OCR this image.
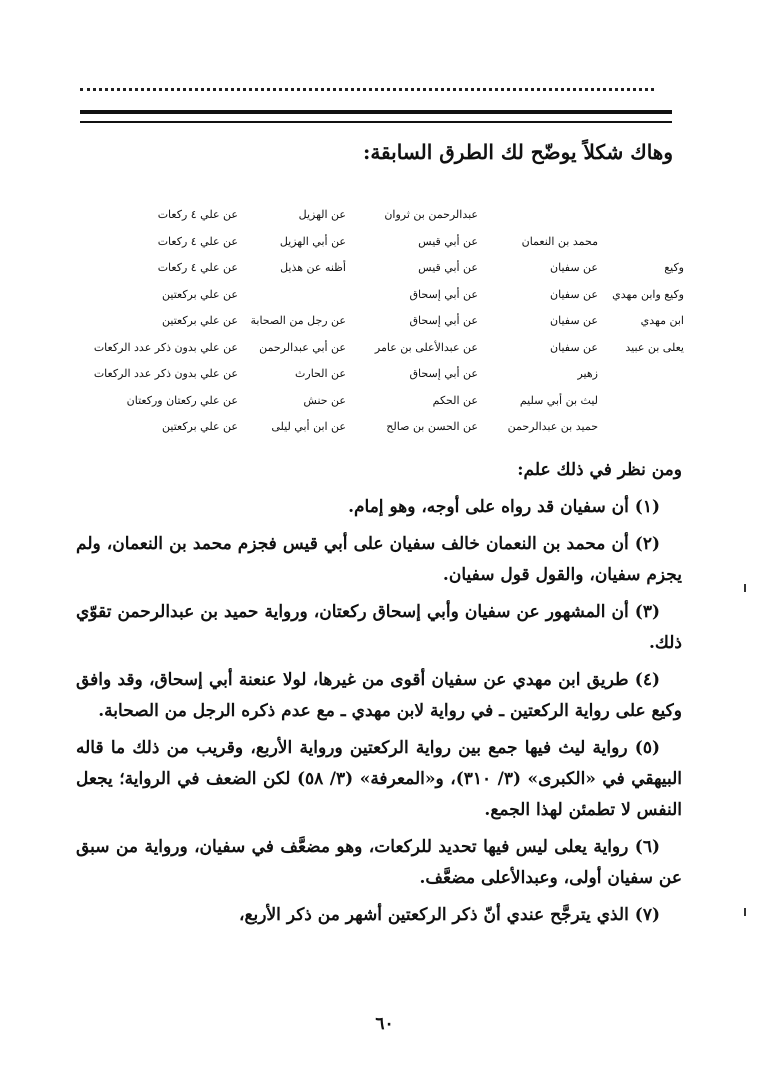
وهاك شكلاً يوضّح لك الطرق السابقة:
وكيع
وكيع وابن مهدي
ابن مهدي
يعلى بن عبيد
محمد بن النعمان
عن سفيان
عن سفيان
عن سفيان
عن سفيان
زهير
ليث بن أبي سليم
حميد بن عبدالرحمن
عبدالرحمن بن ثروان
عن أبي قيس
عن أبي قيس
عن أبي إسحاق
عن أبي إسحاق
عن عبدالأعلى بن عامر
عن أبي إسحاق
عن الحكم
عن الحسن بن صالح
عن الهزيل
عن أبي الهزيل
أظنه عن هذيل
عن رجل من الصحابة
عن أبي عبدالرحمن
عن الحارث
عن حنش
عن ابن أبي ليلى
عن علي ٤ ركعات
عن علي ٤ ركعات
عن علي ٤ ركعات
عن علي بركعتين
عن علي بركعتين
عن علي بدون ذكر عدد الركعات
عن علي بدون ذكر عدد الركعات
عن علي ركعتان وركعتان
عن علي بركعتين

ومن نظر في ذلك علم:

(١) أن سفيان قد رواه على أوجه، وهو إمام.

(٢) أن محمد بن النعمان خالف سفيان على أبي قيس فجزم محمد بن النعمان، ولم يجزم سفيان، والقول قول سفيان.

(٣) أن المشهور عن سفيان وأبي إسحاق ركعتان، ورواية حميد بن عبدالرحمن تقوّي ذلك.

(٤) طريق ابن مهدي عن سفيان أقوى من غيرها، لولا عنعنة أبي إسحاق، وقد وافق وكيع على رواية الركعتين ـ في رواية لابن مهدي ـ مع عدم ذكره الرجل من الصحابة.

(٥) رواية ليث فيها جمع بين رواية الركعتين ورواية الأربع، وقريب من ذلك ما قاله البيهقي في «الكبرى» (٣/ ٣١٠)، و«المعرفة» (٣/ ٥٨) لكن الضعف في الرواية؛ يجعل النفس لا تطمئن لهذا الجمع.

(٦) رواية يعلى ليس فيها تحديد للركعات، وهو مضعَّف في سفيان، ورواية من سبق عن سفيان أولى، وعبدالأعلى مضعَّف.

(٧) الذي يترجَّح عندي أنّ ذكر الركعتين أشهر من ذكر الأربع،

٦٠
